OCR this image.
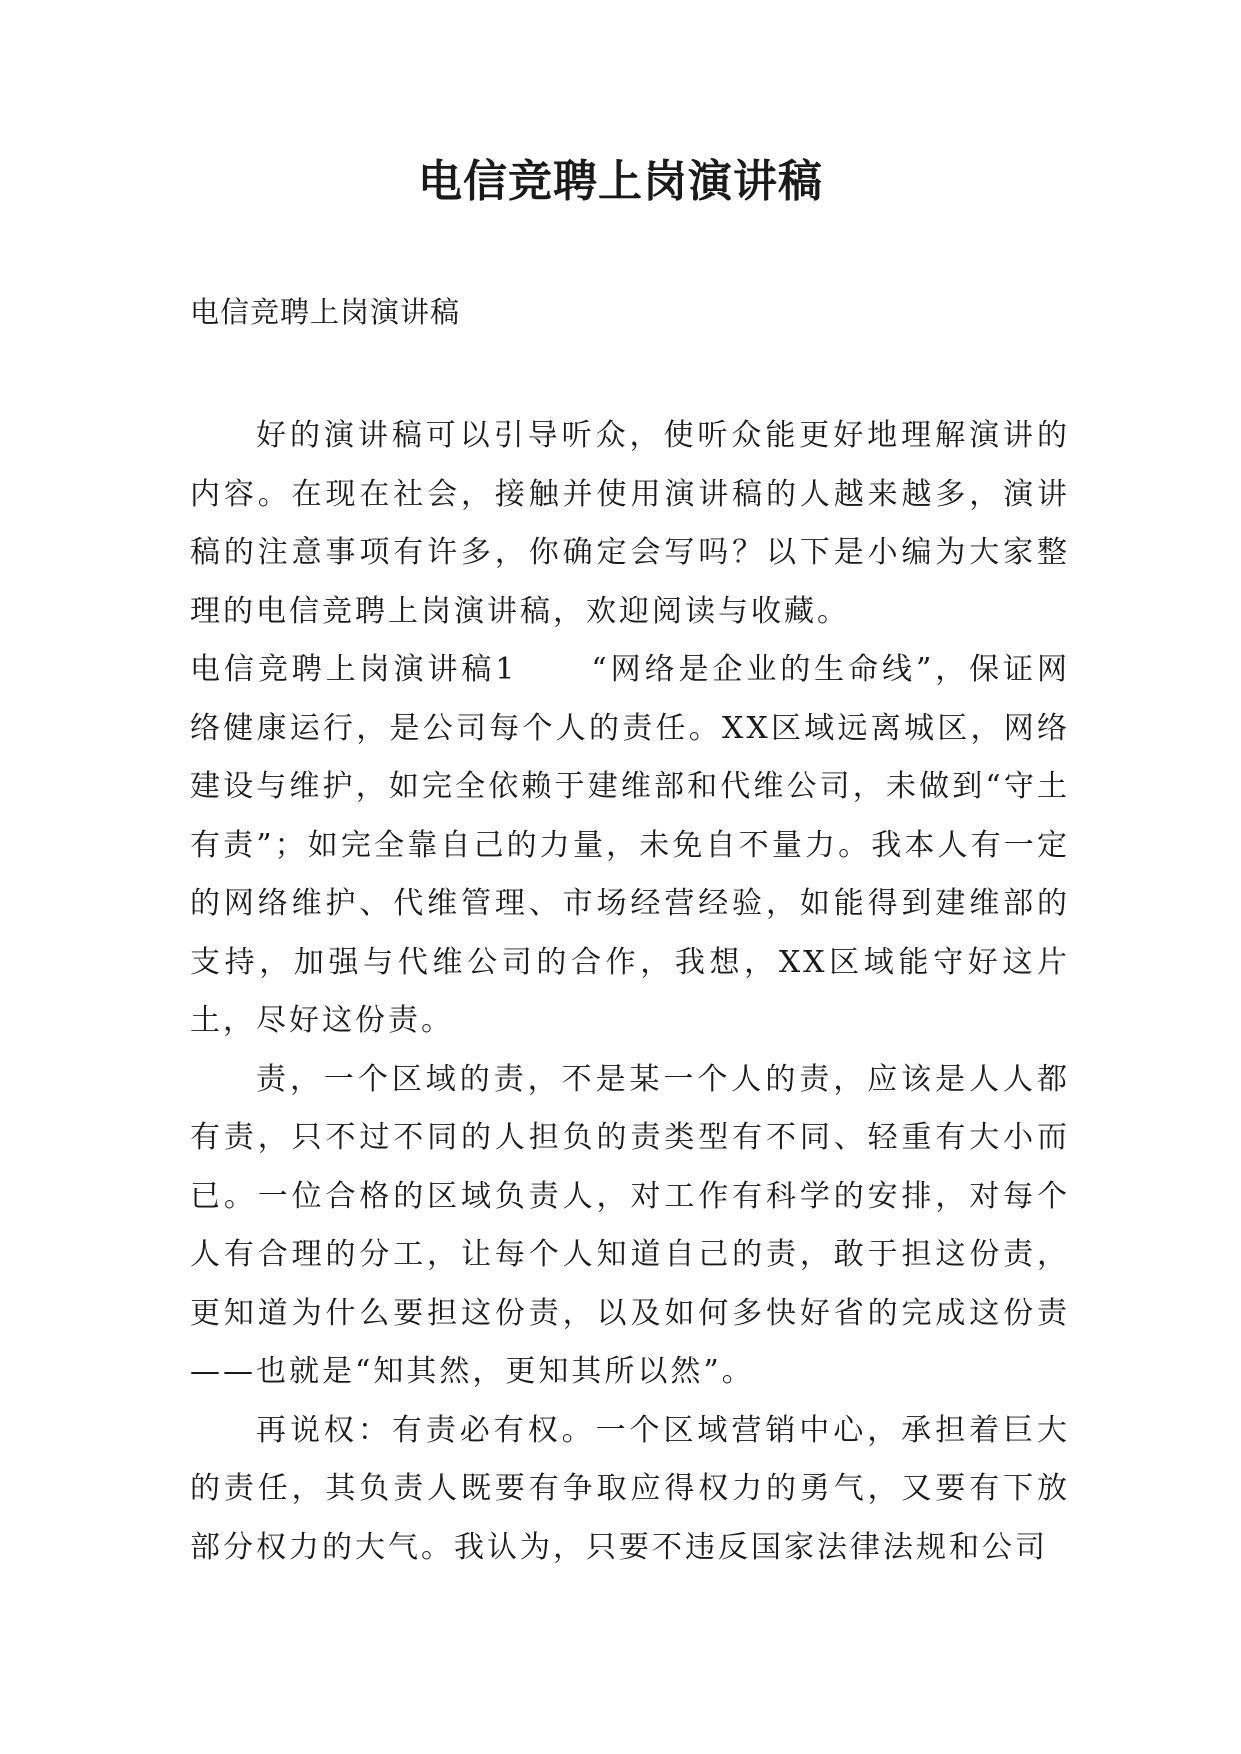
电信竞聘上岗演讲稿

电信竞聘上岗演讲稿

好的演讲稿可以引导听众，使听众能更好地理解演讲的内容。在现在社会，接触并使用演讲稿的人越来越多，演讲稿的注意事项有许多，你确定会写吗？以下是小编为大家整理的电信竞聘上岗演讲稿，欢迎阅读与收藏。

电信竞聘上岗演讲稿1 “网络是企业的生命线”，保证网络健康运行，是公司每个人的责任。XX区域远离城区，网络建设与维护，如完全依赖于建维部和代维公司，未做到“守土有责”；如完全靠自己的力量，未免自不量力。我本人有一定的网络维护、代维管理、市场经营经验，如能得到建维部的支持，加强与代维公司的合作，我想，XX区域能守好这片土，尽好这份责。

责，一个区域的责，不是某一个人的责，应该是人人都有责，只不过不同的人担负的责类型有不同、轻重有大小而已。一位合格的区域负责人，对工作有科学的安排，对每个人有合理的分工，让每个人知道自己的责，敢于担这份责，更知道为什么要担这份责，以及如何多快好省的完成这份责——也就是“知其然，更知其所以然”。

再说权：有责必有权。一个区域营销中心，承担着巨大的责任，其负责人既要有争取应得权力的勇气，又要有下放部分权力的大气。我认为，只要不违反国家法律法规和公司
